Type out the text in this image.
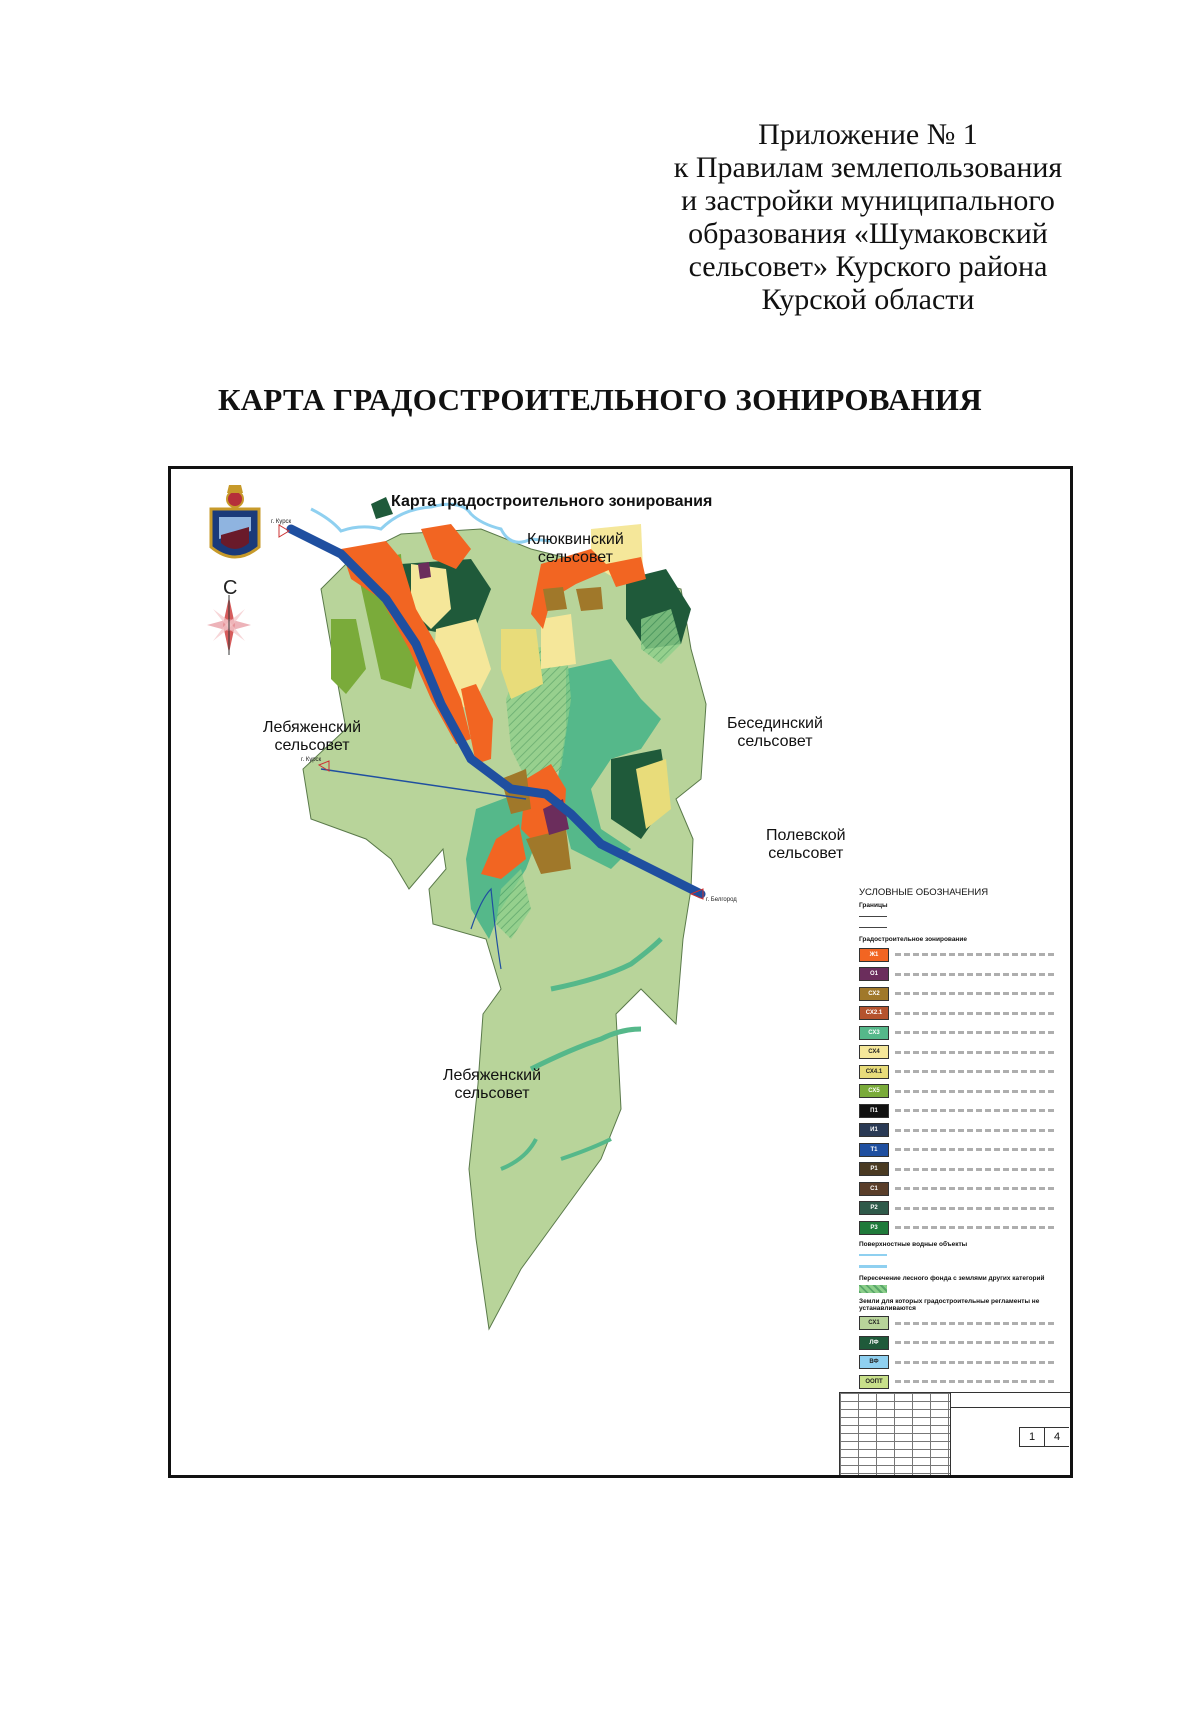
Приложение № 1
к Правилам землепользования
и застройки муниципального
образования «Шумаковский
сельсовет» Курского района
Курской области
КАРТА ГРАДОСТРОИТЕЛЬНОГО ЗОНИРОВАНИЯ
Карта градостроительного зонирования
С
Клюквинский
сельсовет
Бесединский
сельсовет
Полевской
сельсовет
Лебяженский
сельсовет
Лебяженский
сельсовет
г. Курск
г. Курск
г. Белгород
УСЛОВНЫЕ ОБОЗНАЧЕНИЯ
Границы
Градостроительное зонирование
Ж1
О1
СХ2
СХ2.1
СХ3
СХ4
СХ4.1
СХ5
П1
И1
Т1
Р1
С1
Р2
Р3
Поверхностные водные объекты
Пересечение лесного фонда с землями других категорий
Земли для которых градостроительные регламенты не устанавливаются
СХ1
ЛФ
ВФ
ООПТ
1	4
